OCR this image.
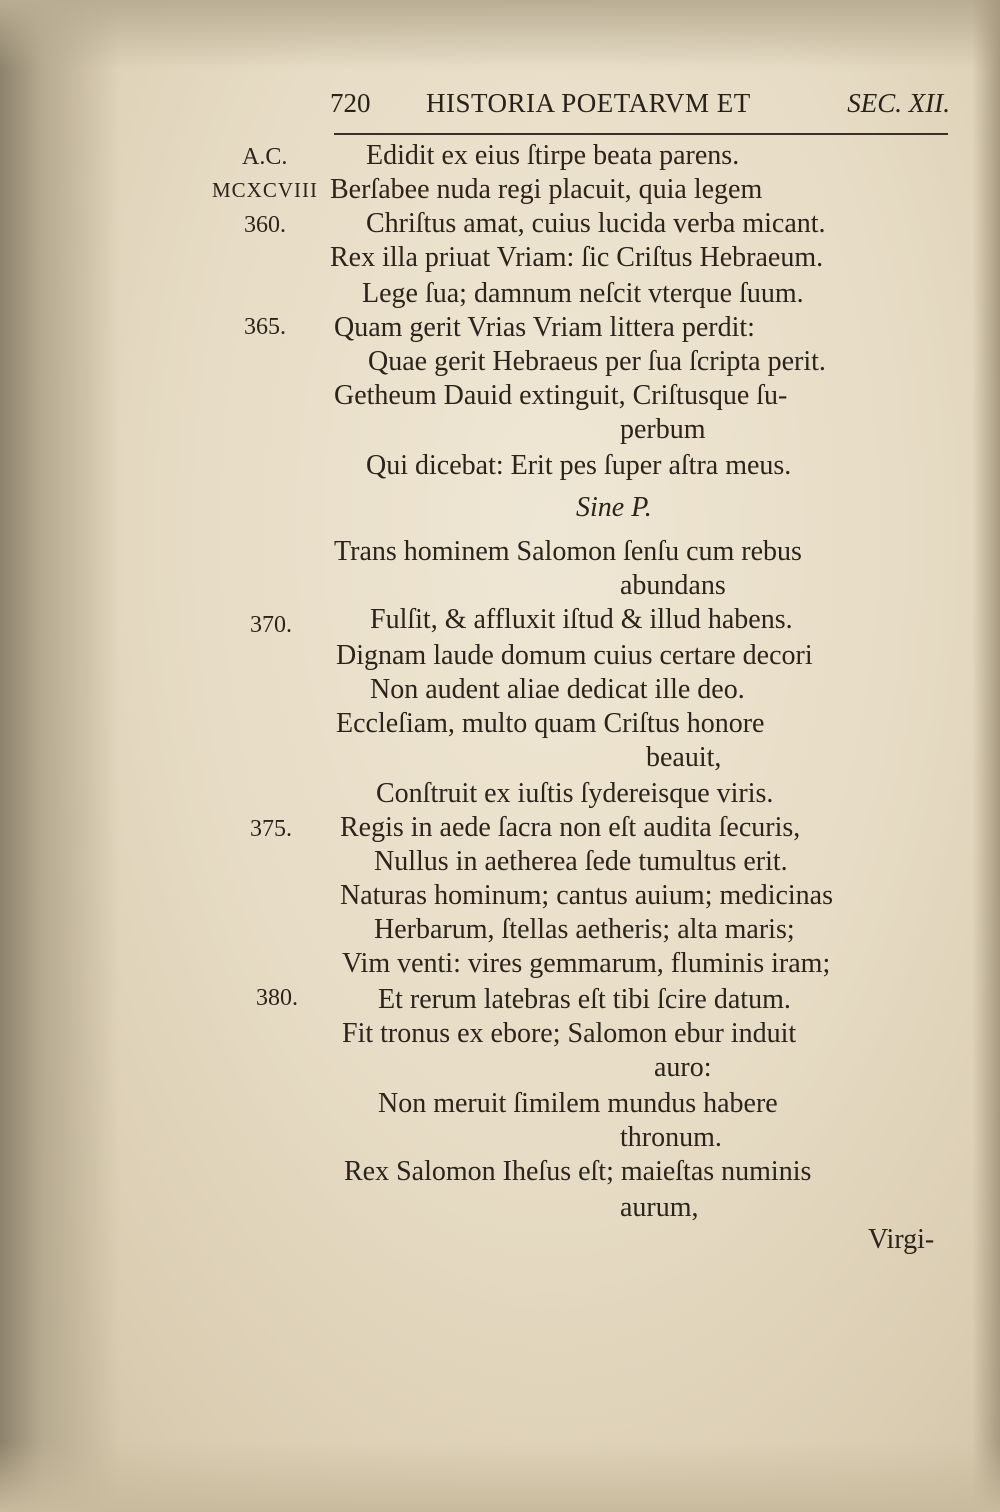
720 HISTORIA POETARVM ET	SEC. XII.
A.C.
MCXCVIII
360.
365.
370.
375.
380.
Edidit ex eius ſtirpe beata parens.
Berſabee nuda regi placuit, quia legem
Chriſtus amat, cuius lucida verba micant.
Rex illa priuat Vriam: ſic Criſtus Hebraeum.
Lege ſua; damnum neſcit vterque ſuum.
Quam gerit Vrias Vriam littera perdit:
Quae gerit Hebraeus per ſua ſcripta perit.
Getheum Dauid extinguit, Criſtusque ſu-
perbum
Qui dicebat: Erit pes ſuper aſtra meus.
Sine P.
Trans hominem Salomon ſenſu cum rebus
abundans
Fulſit, & affluxit iſtud & illud habens.
Dignam laude domum cuius certare decori
Non audent aliae dedicat ille deo.
Eccleſiam, multo quam Criſtus honore
beauit,
Conſtruit ex iuſtis ſydereisque viris.
Regis in aede ſacra non eſt audita ſecuris,
Nullus in aetherea ſede tumultus erit.
Naturas hominum; cantus auium; medicinas
Herbarum, ſtellas aetheris; alta maris;
Vim venti: vires gemmarum, fluminis iram;
Et rerum latebras eſt tibi ſcire datum.
Fit tronus ex ebore; Salomon ebur induit
auro:
Non meruit ſimilem mundus habere
thronum.
Rex Salomon Iheſus eſt; maieſtas numinis
aurum,
Virgi-
